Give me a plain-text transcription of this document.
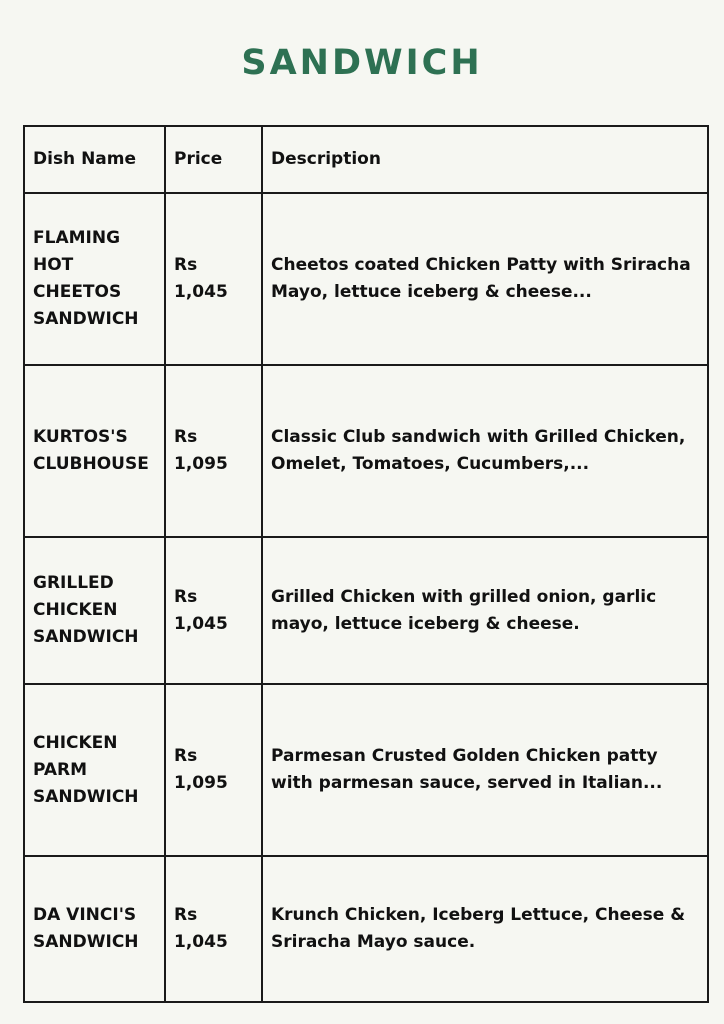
SANDWICH
Dish Name	Price	Description
FLAMING HOT CHEETOS SANDWICH	Rs 1,045	Cheetos coated Chicken Patty with Sriracha Mayo, lettuce iceberg & cheese...
KURTOS'S CLUBHOUSE	Rs 1,095	Classic Club sandwich with Grilled Chicken, Omelet, Tomatoes, Cucumbers,...
GRILLED CHICKEN SANDWICH	Rs 1,045	Grilled Chicken with grilled onion, garlic mayo, lettuce iceberg & cheese.
CHICKEN PARM SANDWICH	Rs 1,095	Parmesan Crusted Golden Chicken patty with parmesan sauce, served in Italian...
DA VINCI'S SANDWICH	Rs 1,045	Krunch Chicken, Iceberg Lettuce, Cheese & Sriracha Mayo sauce.
